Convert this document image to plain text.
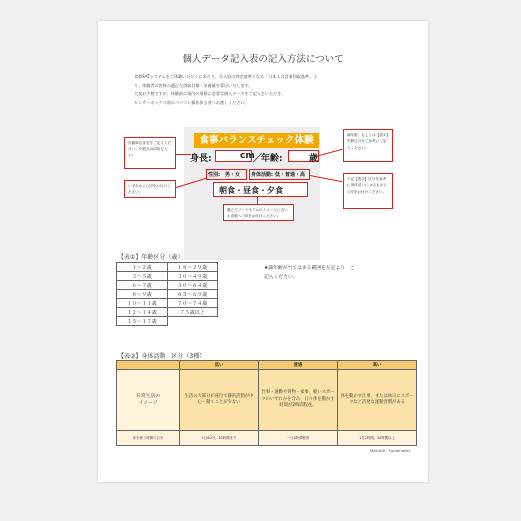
個人データ記入表の記入方法について
食育SATシステムをご体験いただくにあたり、名人庭の判定基準となる「日本人の食事摂取基準」よ
り、体験者の皆様の適正な摂取目標・栄養量を算出いたします。
大変お手数ですが、体験前に案内の用紙に必要な個人データをご記入をいただき、
センサーボックス前のパソコン操作担当者へお渡しください。
食事バランスチェック体験
身長:	cm
／
年齢:	歳
性別: 男・女 身体活動: 低・普通・高
朝食・昼食・夕食
自動車な身長をご記入ください。小数点は四捨五入で！
いずれかに○印をお付けください。
満年齢、もしくは【表①】年齢区分をご参考にご記入ください。
下記【表②】区分を参考に身体活いに ≠るものに○印をお付けください。
選んだフードモデルのイメージに近いお食事へ○印をお付けください。
【表①】年齢区分（歳）
１～２歳	１８～２９歳
３～５歳	３０～４９歳
６～７歳	５０～６４歳
８～９歳	６５～６９歳
１０～１１歳	７０～７４歳
１２～１４歳	７５歳以上
１５～１７歳	
★満年齢が当てはまる範囲を左記より　ご記入ください。
【表②】身体活動　区分（3種）
	低い	普通	高い
日常生活の
イメージ	生活の大部分が座位で静的活動が中心・動くことが少ない	仕事・通勤や買物・家事、軽いスポーツのいずれかを含み、日々体を動かす時間が2時間程度。	体を動かす仕事、または休日にスポーツなど活発な運動習慣がある
体を使う時間の目安	1日60分。30時間まで	一日2時間程度	1日2時間。30時間以上
MAGARI　Foodmodel
